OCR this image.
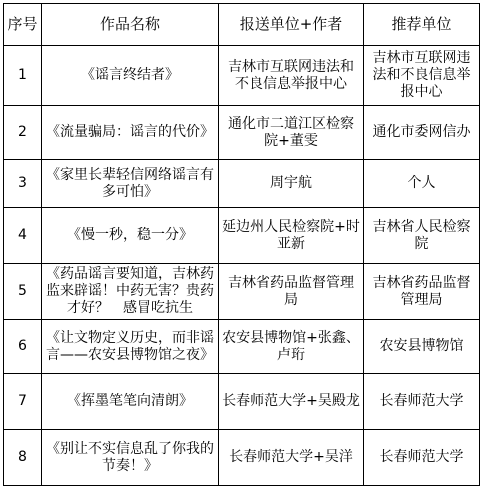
序号	作品名称	报送单位+作者	推荐单位
1	《谣言终结者》	吉林市互联网违法和不良信息举报中心	吉林市互联网违法和不良信息举报中心
2	《流量骗局：谣言的代价》	通化市二道江区检察院+董雯	通化市委网信办
3	《家里长辈轻信网络谣言有多可怕》	周宇航	个人
4	《慢一秒，稳一分》	延边州人民检察院+时亚新	吉林省人民检察院
5	《药品谣言要知道，吉林药监来辟谣！中药无害？贵药才好？　感冒吃抗生	吉林省药品监督管理局	吉林省药品监督管理局
6	《让文物定义历史，而非谣言——农安县博物馆之夜》	农安县博物馆+张鑫、卢珩	农安县博物馆
7	《挥墨笔笔向清朗》	长春师范大学+吴殿龙	长春师范大学
8	《别让不实信息乱了你我的节奏！》	长春师范大学+吴洋	长春师范大学
